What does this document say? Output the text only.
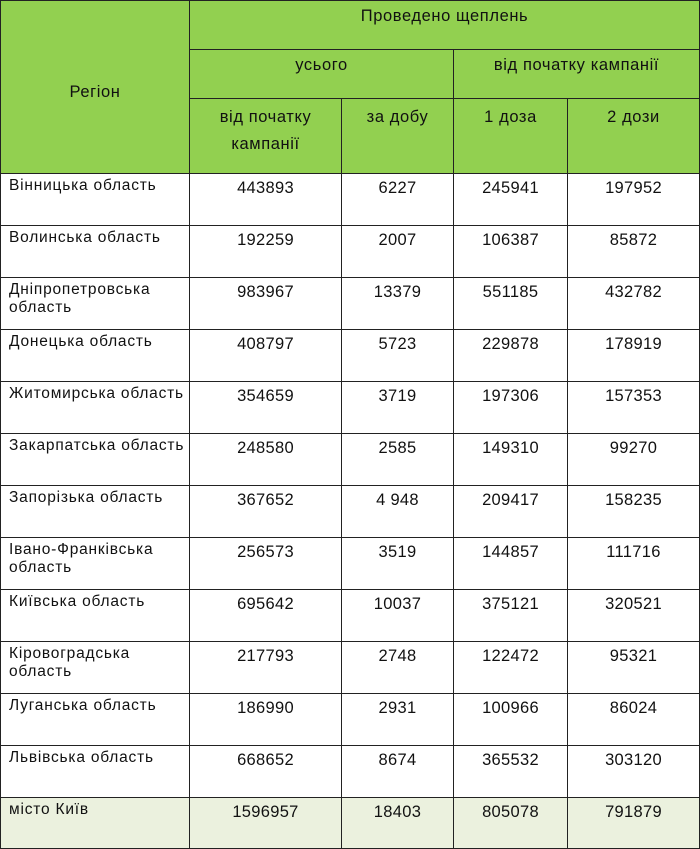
Регіон	Проведено щеплень			
	усього		від початку кампанії	
	від початку кампанії	за добу	1 доза	2 дози
Вінницька область	443893	6227	245941	197952
Волинська область	192259	2007	106387	85872
Дніпропетровська область	983967	13379	551185	432782
Донецька область	408797	5723	229878	178919
Житомирська область	354659	3719	197306	157353
Закарпатська область	248580	2585	149310	99270
Запорізька область	367652	4 948	209417	158235
Івано-Франківська область	256573	3519	144857	111716
Київська область	695642	10037	375121	320521
Кіровоградська область	217793	2748	122472	95321
Луганська область	186990	2931	100966	86024
Львівська область	668652	8674	365532	303120
місто Київ	1596957	18403	805078	791879
